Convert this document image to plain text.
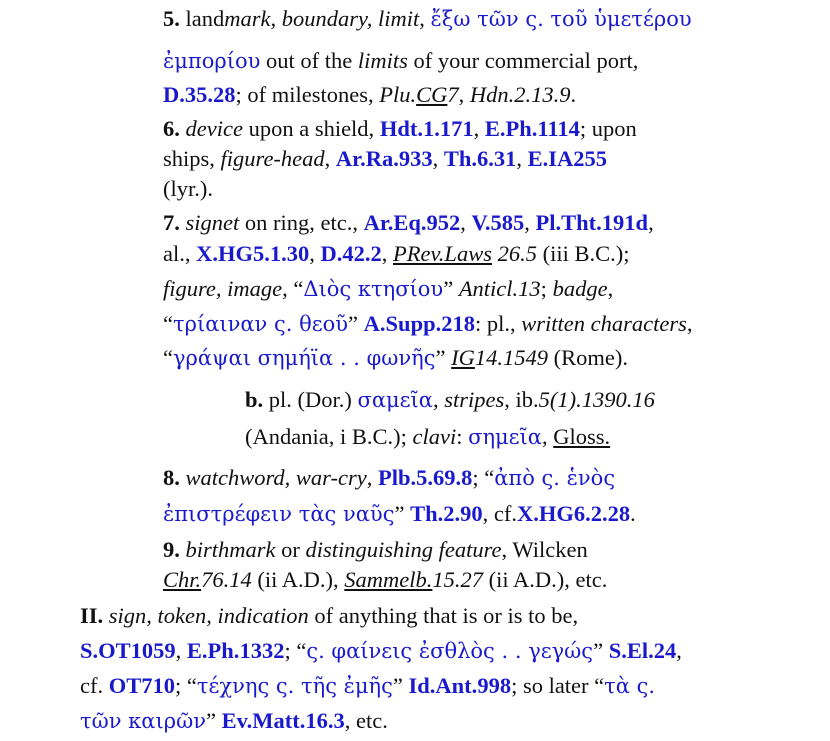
5. landmark, boundary, limit, ἔξω τῶν ς. τοῦ ὑμετέρου
ἐμπορίου out of the limits of your commercial port,
D.35.28; of milestones, Plu.CG7, Hdn.2.13.9.
6. device upon a shield, Hdt.1.171, E.Ph.1114; upon
ships, figure-head, Ar.Ra.933, Th.6.31, E.IA255
(lyr.).
7. signet on ring, etc., Ar.Eq.952, V.585, Pl.Tht.191d,
al., X.HG5.1.30, D.42.2, PRev.Laws 26.5 (iii B.C.);
figure, image, “Διὸς κτησίου” Anticl.13; badge,
“τρίαιναν ς. θεοῦ” A.Supp.218: pl., written characters,
“γράψαι σημήϊα . . φωνῆς” IG14.1549 (Rome).
b. pl. (Dor.) σαμεῖα, stripes, ib.5(1).1390.16
(Andania, i B.C.); clavi: σημεῖα, Gloss.
8. watchword, war-cry, Plb.5.69.8; “ἀπὸ ς. ἑνὸς
ἐπιστρέφειν τὰς ναῦς” Th.2.90, cf.X.HG6.2.28.
9. birthmark or distinguishing feature, Wilcken
Chr.76.14 (ii A.D.), Sammelb.15.27 (ii A.D.), etc.
II. sign, token, indication of anything that is or is to be,
S.OT1059, E.Ph.1332; “ς. φαίνεις ἐσθλὸς . . γεγώς” S.El.24,
cf. OT710; “τέχνης ς. τῆς ἐμῆς” Id.Ant.998; so later “τὰ ς.
τῶν καιρῶν” Ev.Matt.16.3, etc.
